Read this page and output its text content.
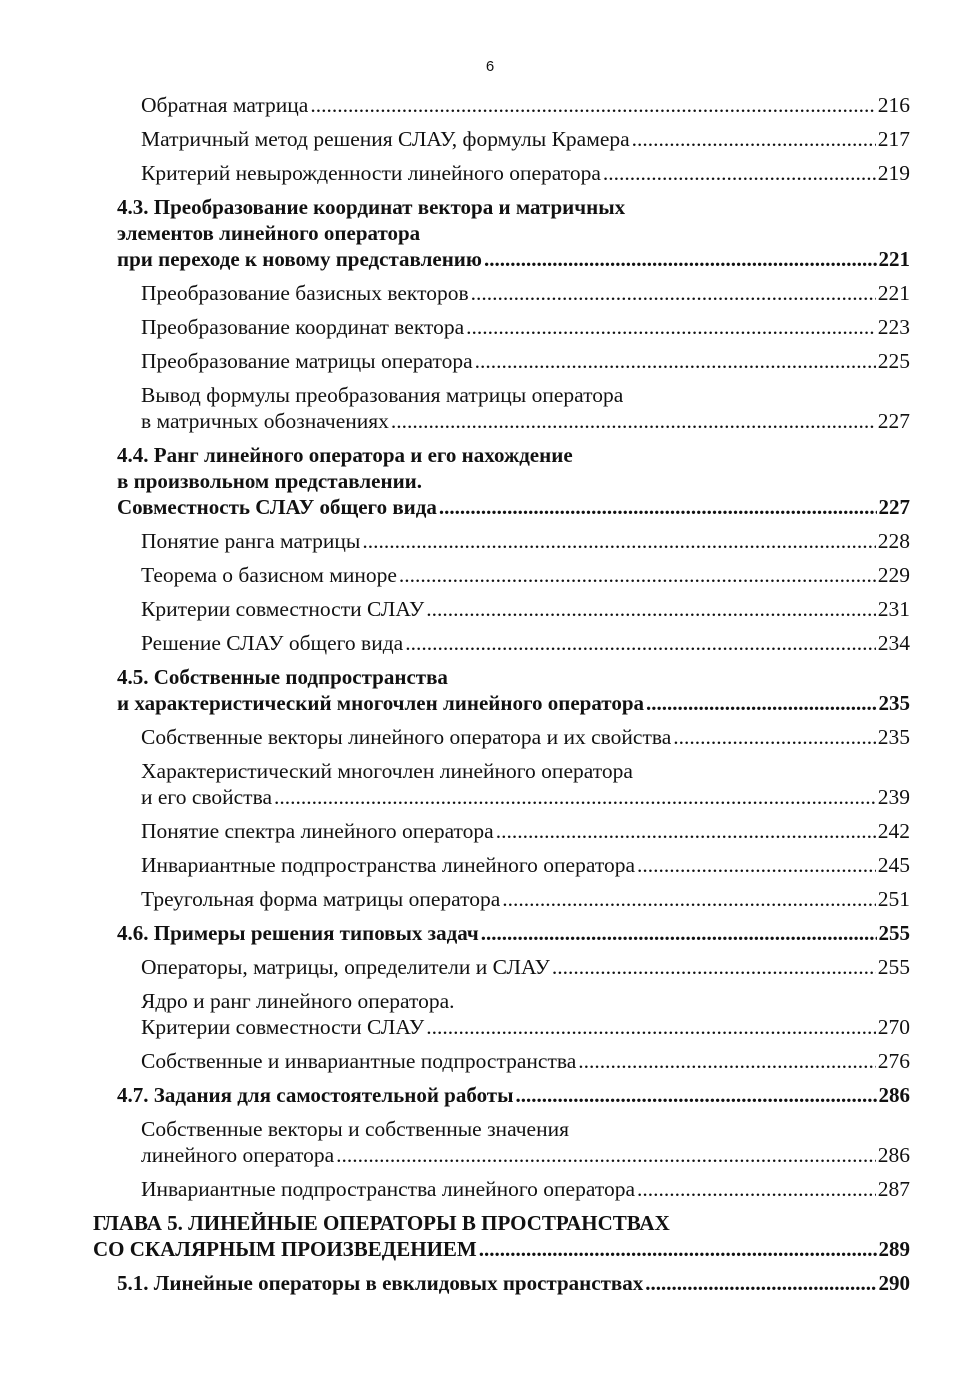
6
Обратная матрица .....	216
Матричный метод решения СЛАУ, формулы Крамера .....	217
Критерий невырожденности линейного оператора .....	219
4.3. Преобразование координат вектора и матричных
элементов линейного оператора
при переходе к новому представлению .....	221
Преобразование базисных векторов .....	221
Преобразование координат вектора .....	223
Преобразование матрицы оператора .....	225
Вывод формулы преобразования матрицы оператора
в матричных обозначениях .....	227
4.4. Ранг линейного оператора и его нахождение
в произвольном представлении.
Совместность СЛАУ общего вида .....	227
Понятие ранга матрицы .....	228
Теорема о базисном миноре .....	229
Критерии совместности СЛАУ .....	231
Решение СЛАУ общего вида .....	234
4.5. Собственные подпространства
и характеристический многочлен линейного оператора .....	235
Собственные векторы линейного оператора и их свойства .....	235
Характеристический многочлен линейного оператора
и его свойства .....	239
Понятие спектра линейного оператора .....	242
Инвариантные подпространства линейного оператора .....	245
Треугольная форма матрицы оператора .....	251
4.6. Примеры решения типовых задач .....	255
Операторы, матрицы, определители и СЛАУ .....	255
Ядро и ранг линейного оператора.
Критерии совместности СЛАУ .....	270
Собственные и инвариантные подпространства .....	276
4.7. Задания для самостоятельной работы .....	286
Собственные векторы и собственные значения
линейного оператора .....	286
Инвариантные подпространства линейного оператора .....	287
ГЛАВА 5. ЛИНЕЙНЫЕ ОПЕРАТОРЫ В ПРОСТРАНСТВАХ
СО СКАЛЯРНЫМ ПРОИЗВЕДЕНИЕМ .....	289
5.1. Линейные операторы в евклидовых пространствах .....	290
